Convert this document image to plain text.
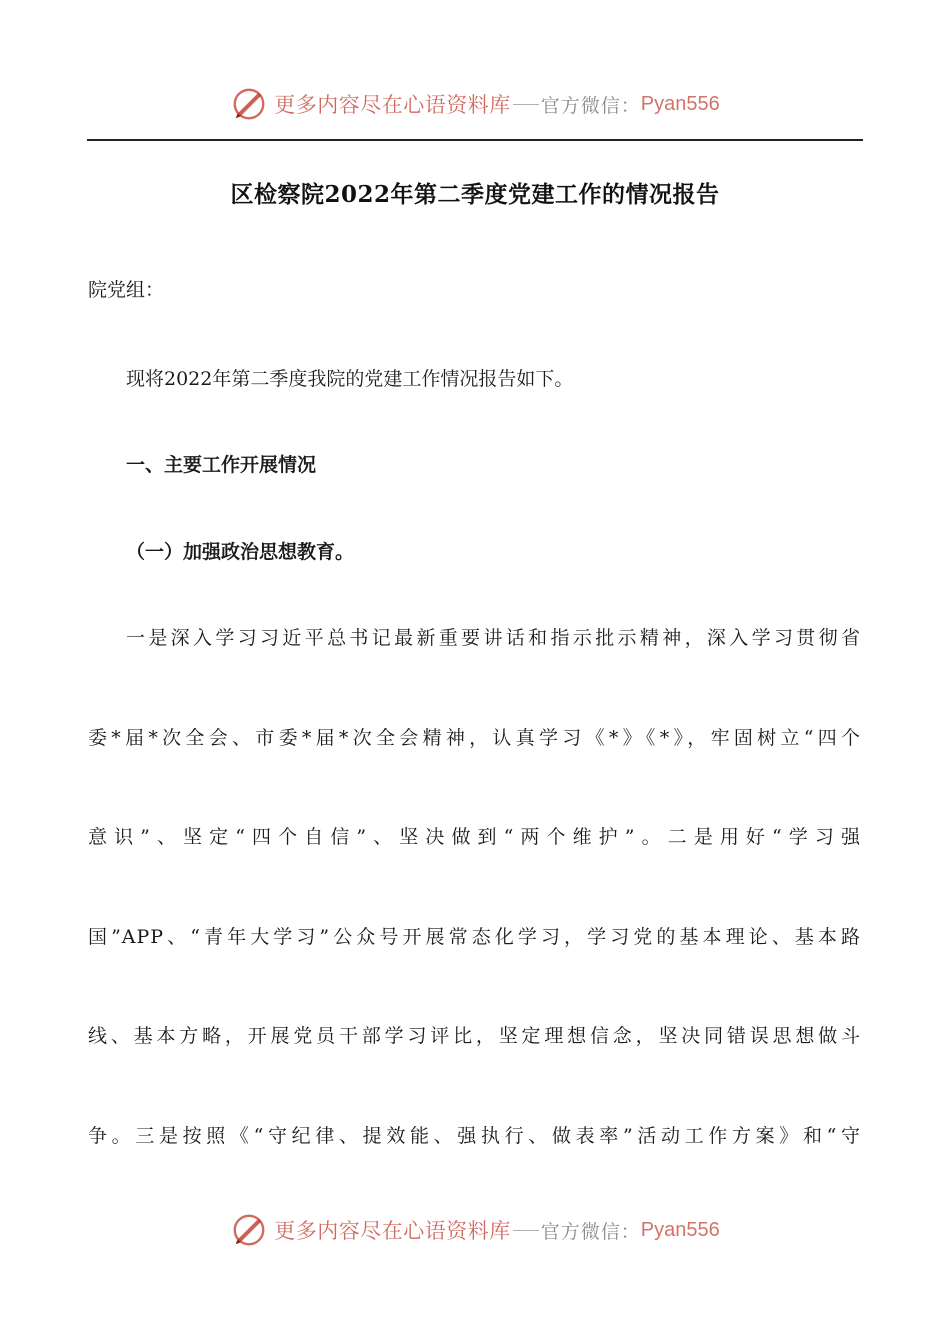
更多内容尽在心语资料库 官方微信： Pyan556
区检察院2022年第二季度党建工作的情况报告
院党组：
现将2022年第二季度我院的党建工作情况报告如下。
一、主要工作开展情况
（一）加强政治思想教育。
一是深入学习习近平总书记最新重要讲话和指示批示精神，深入学习贯彻省
委*届*次全会、市委*届*次全会精神，认真学习《*》《*》，牢固树立“四个
意识”、坚定“四个自信”、坚决做到“两个维护”。二是用好“学习强
国”APP、“青年大学习”公众号开展常态化学习，学习党的基本理论、基本路
线、基本方略，开展党员干部学习评比，坚定理想信念，坚决同错误思想做斗
争。三是按照《“守纪律、提效能、强执行、做表率”活动工作方案》和“守
更多内容尽在心语资料库 官方微信： Pyan556
